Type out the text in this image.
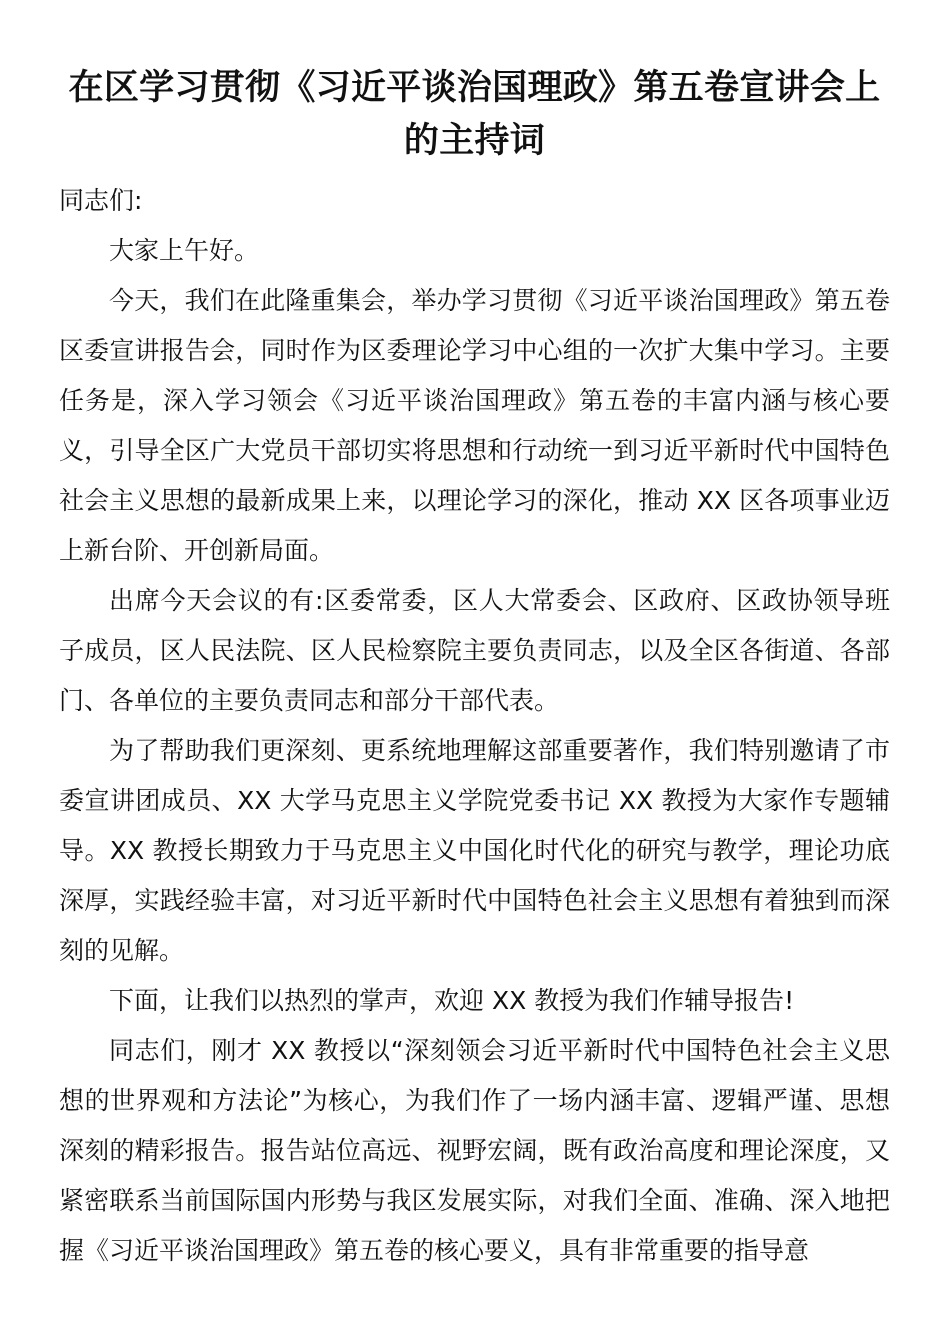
在区学习贯彻《习近平谈治国理政》第五卷宣讲会上
的主持词

同志们:

大家上午好。

今天，我们在此隆重集会，举办学习贯彻《习近平谈治国理政》第五卷区委宣讲报告会，同时作为区委理论学习中心组的一次扩大集中学习。主要任务是，深入学习领会《习近平谈治国理政》第五卷的丰富内涵与核心要义，引导全区广大党员干部切实将思想和行动统一到习近平新时代中国特色社会主义思想的最新成果上来，以理论学习的深化，推动 XX 区各项事业迈上新台阶、开创新局面。

出席今天会议的有:区委常委，区人大常委会、区政府、区政协领导班子成员，区人民法院、区人民检察院主要负责同志，以及全区各街道、各部门、各单位的主要负责同志和部分干部代表。

为了帮助我们更深刻、更系统地理解这部重要著作，我们特别邀请了市委宣讲团成员、XX 大学马克思主义学院党委书记 XX 教授为大家作专题辅导。XX 教授长期致力于马克思主义中国化时代化的研究与教学，理论功底深厚，实践经验丰富，对习近平新时代中国特色社会主义思想有着独到而深刻的见解。

下面，让我们以热烈的掌声，欢迎 XX 教授为我们作辅导报告!

同志们，刚才 XX 教授以“深刻领会习近平新时代中国特色社会主义思想的世界观和方法论”为核心，为我们作了一场内涵丰富、逻辑严谨、思想深刻的精彩报告。报告站位高远、视野宏阔，既有政治高度和理论深度，又紧密联系当前国际国内形势与我区发展实际，对我们全面、准确、深入地把握《习近平谈治国理政》第五卷的核心要义，具有非常重要的指导意
